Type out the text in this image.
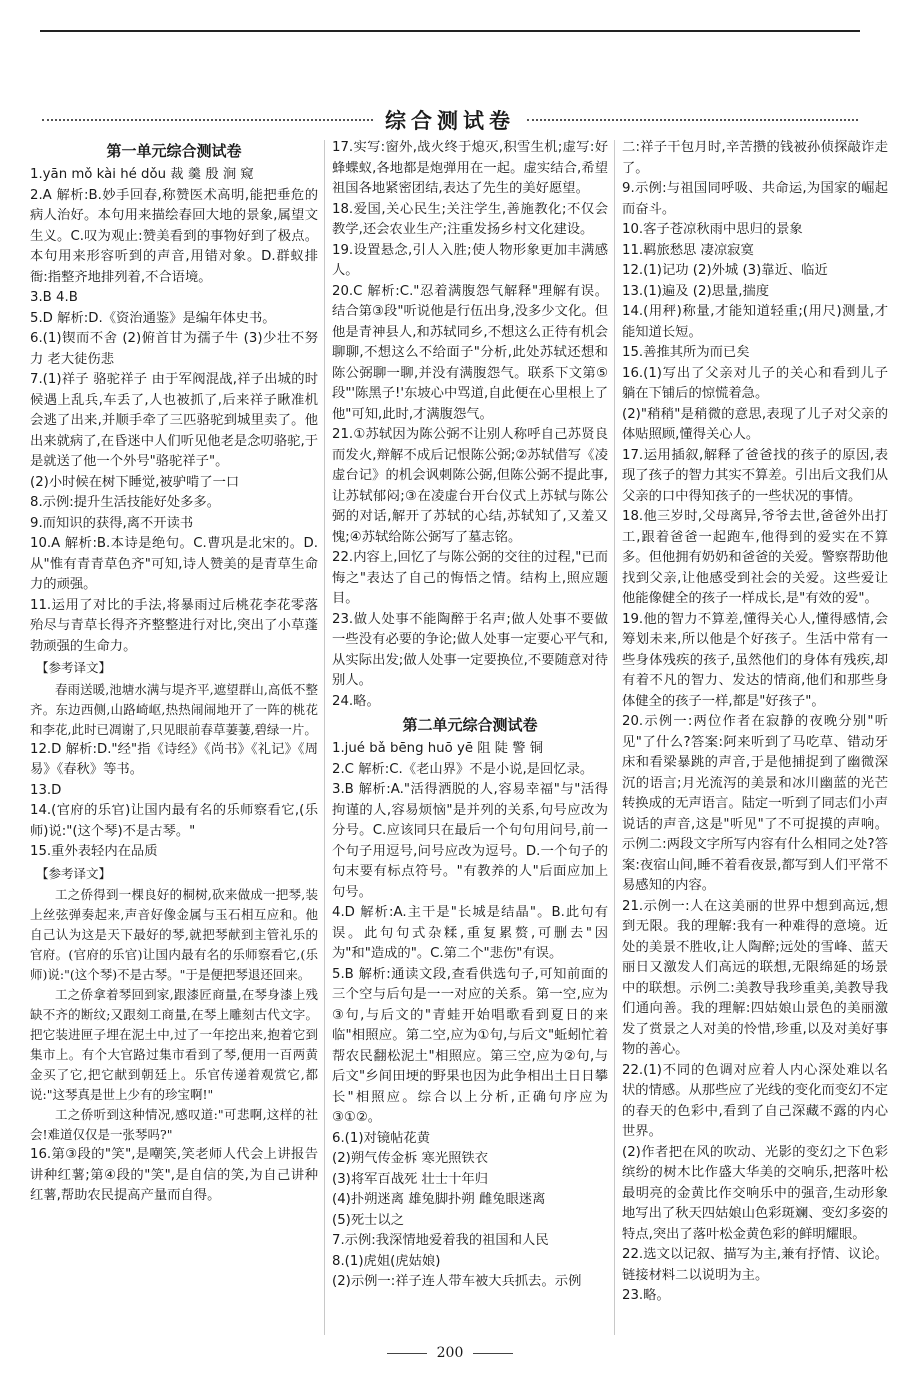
综合测试卷
第一单元综合测试卷

1.yān mǒ kài hé dǒu 裁 羹 殷 涧 窥

2.A 解析:B.妙手回春,称赞医术高明,能把垂危的病人治好。本句用来描绘春回大地的景象,属望文生义。C.叹为观止:赞美看到的事物好到了极点。本句用来形容听到的声音,用错对象。D.群蚁排衙:指整齐地排列着,不合语境。

3.B 4.B

5.D 解析:D.《资治通鉴》是编年体史书。

6.(1)锲而不舍 (2)俯首甘为孺子牛 (3)少壮不努力 老大徒伤悲

7.(1)祥子 骆驼祥子 由于军阀混战,祥子出城的时候遇上乱兵,车丢了,人也被抓了,后来祥子瞅准机会逃了出来,并顺手牵了三匹骆驼到城里卖了。他出来就病了,在昏迷中人们听见他老是念叨骆驼,于是就送了他一个外号"骆驼祥子"。

(2)小时候在树下睡觉,被驴啃了一口

8.示例:提升生活技能好处多多。

9.而知识的获得,离不开读书

10.A 解析:B.本诗是绝句。C.曹巩是北宋的。D.从"惟有青青草色齐"可知,诗人赞美的是青草生命力的顽强。

11.运用了对比的手法,将暴雨过后桃花李花零落殆尽与青草长得齐齐整整进行对比,突出了小草蓬勃顽强的生命力。

【参考译文】

春雨送暖,池塘水满与堤齐平,遮望群山,高低不整齐。东边西侧,山路崎岖,热热闹闹地开了一阵的桃花和李花,此时已凋谢了,只见眼前春草萋萋,碧绿一片。

12.D 解析:D."经"指《诗经》《尚书》《礼记》《周易》《春秋》等书。

13.D

14.(官府的乐官)让国内最有名的乐师察看它,(乐师)说:"(这个琴)不是古琴。"

15.重外表轻内在品质

【参考译文】

工之侨得到一棵良好的桐树,砍来做成一把琴,装上丝弦弹奏起来,声音好像金属与玉石相互应和。他自己认为这是天下最好的琴,就把琴献到主管礼乐的官府。(官府的乐官)让国内最有名的乐师察看它,(乐师)说:"(这个琴)不是古琴。"于是便把琴退还回来。

工之侨拿着琴回到家,跟漆匠商量,在琴身漆上残缺不齐的断纹;又跟刻工商量,在琴上雕刻古代文字。把它装进匣子埋在泥土中,过了一年挖出来,抱着它到集市上。有个大官路过集市看到了琴,便用一百两黄金买了它,把它献到朝廷上。乐官传递着观赏它,都说:"这琴真是世上少有的珍宝啊!"

工之侨听到这种情况,感叹道:"可悲啊,这样的社会!难道仅仅是一张琴吗?"

16.第③段的"笑",是嘲笑,笑老师人代会上讲报告讲种红薯;第④段的"笑",是自信的笑,为自己讲种红薯,帮助农民提高产量而自得。

17.实写:窗外,战火终于熄灭,积雪生机;虚写:好蜂蝶蚁,各地都是炮弹用在一起。虚实结合,希望祖国各地紧密团结,表达了先生的美好愿望。

18.爱国,关心民生;关注学生,善施教化;不仅会教学,还会农业生产;注重发扬乡村文化建设。

19.设置悬念,引人入胜;使人物形象更加丰满感人。

20.C 解析:C."忍着满腹怨气解释"理解有误。结合第③段"听说他是行伍出身,没多少文化。但他是青神县人,和苏轼同乡,不想这么正待有机会聊聊,不想这么不给面子"分析,此处苏轼还想和陈公弼聊一聊,并没有满腹怨气。联系下文第⑤段"'陈黑子!'东坡心中骂道,自此便在心里根上了他"可知,此时,才满腹怨气。

21.①苏轼因为陈公弼不让别人称呼自己苏贤良而发火,辩解不成后记恨陈公弼;②苏轼借写《凌虚台记》的机会讽刺陈公弼,但陈公弼不提此事,让苏轼郁闷;③在凌虚台开台仪式上苏轼与陈公弼的对话,解开了苏轼的心结,苏轼知了,又羞又愧;④苏轼给陈公弼写了墓志铭。

22.内容上,回忆了与陈公弼的交往的过程,"已而悔之"表达了自己的悔悟之情。结构上,照应题目。

23.做人处事不能陶醉于名声;做人处事不要做一些没有必要的争论;做人处事一定要心平气和,从实际出发;做人处事一定要换位,不要随意对待别人。

24.略。

第二单元综合测试卷

1.jué bǎ bēng huō yē 阻 陡 警 铜

2.C 解析:C.《老山界》不是小说,是回忆录。

3.B 解析:A."活得洒脱的人,容易幸福"与"活得拘谨的人,容易烦恼"是并列的关系,句号应改为分号。C.应该同只在最后一个句句用问号,前一个句子用逗号,问号应改为逗号。D.一个句子的句末要有标点符号。"有教养的人"后面应加上句号。

4.D 解析:A.主干是"长城是结晶"。B.此句有误。此句句式杂糅,重复累赘,可删去"因为"和"造成的"。C.第二个"悲伤"有误。

5.B 解析:通读文段,查看供选句子,可知前面的三个空与后句是一一对应的关系。第一空,应为③句,与后文的"青蛙开始唱歌看到夏日的来临"相照应。第二空,应为①句,与后文"蚯蚓忙着帮农民翻松泥土"相照应。第三空,应为②句,与后文"乡间田埂的野果也因为此争相出土日日攀长"相照应。综合以上分析,正确句序应为③①②。

6.(1)对镜帖花黄

(2)朔气传金柝 寒光照铁衣

(3)将军百战死 壮士十年归

(4)扑朔迷离 雄兔脚扑朔 雌兔眼迷离

(5)死士以之

7.示例:我深情地爱着我的祖国和人民

8.(1)虎姐(虎姑娘)

(2)示例一:祥子连人带车被大兵抓去。示例

二:祥子干包月时,辛苦攒的钱被孙侦探敲诈走了。

9.示例:与祖国同呼吸、共命运,为国家的崛起而奋斗。

10.客子苍凉秋雨中思归的景象

11.羁旅愁思 凄凉寂寞

12.(1)记功 (2)外城 (3)靠近、临近

13.(1)遍及 (2)思量,揣度

14.(用秤)称量,才能知道轻重;(用尺)测量,才能知道长短。

15.善推其所为而已矣

16.(1)写出了父亲对儿子的关心和看到儿子躺在下铺后的惊慌着急。

(2)"稍稍"是稍微的意思,表现了儿子对父亲的体贴照顾,懂得关心人。

17.运用插叙,解释了爸爸找的孩子的原因,表现了孩子的智力其实不算差。引出后文我们从父亲的口中得知孩子的一些状况的事情。

18.他三岁时,父母离异,爷爷去世,爸爸外出打工,跟着爸爸一起跑车,他得到的爱实在不算多。但他拥有奶奶和爸爸的关爱。警察帮助他找到父亲,让他感受到社会的关爱。这些爱让他能像健全的孩子一样成长,是"有效的爱"。

19.他的智力不算差,懂得关心人,懂得感情,会筹划未来,所以他是个好孩子。生活中常有一些身体残疾的孩子,虽然他们的身体有残疾,却有着不凡的智力、发达的情商,他们和那些身体健全的孩子一样,都是"好孩子"。

20.示例一:两位作者在寂静的夜晚分别"听见"了什么?答案:阿来听到了马吃草、错动牙床和看梁暴跳的声音,于是他捕捉到了幽微深沉的语言;月光流泻的美景和冰川幽蓝的光芒转换成的无声语言。陆定一听到了同志们小声说话的声音,这是"听见"了不可捉摸的声响。示例二:两段文字所写内容有什么相同之处?答案:夜宿山间,睡不着看夜景,都写到人们平常不易感知的内容。

21.示例一:人在这美丽的世界中想到高远,想到无限。我的理解:我有一种难得的意境。近处的美景不胜收,让人陶醉;远处的雪峰、蓝天丽日又激发人们高远的联想,无限绵延的场景中的联想。示例二:美教导我珍重美,美教导我们通向善。我的理解:四姑娘山景色的美丽激发了赏景之人对美的怜惜,珍重,以及对美好事物的善心。

22.(1)不同的色调对应着人内心深处难以名状的情感。从那些应了光线的变化而变幻不定的春天的色彩中,看到了自己深藏不露的内心世界。

(2)作者把在风的吹动、光影的变幻之下色彩缤纷的树木比作盛大华美的交响乐,把落叶松最明亮的金黄比作交响乐中的强音,生动形象地写出了秋天四姑娘山色彩斑斓、变幻多姿的特点,突出了落叶松金黄色彩的鲜明耀眼。

22.选文以记叙、描写为主,兼有抒情、议论。链接材料二以说明为主。

23.略。

200
